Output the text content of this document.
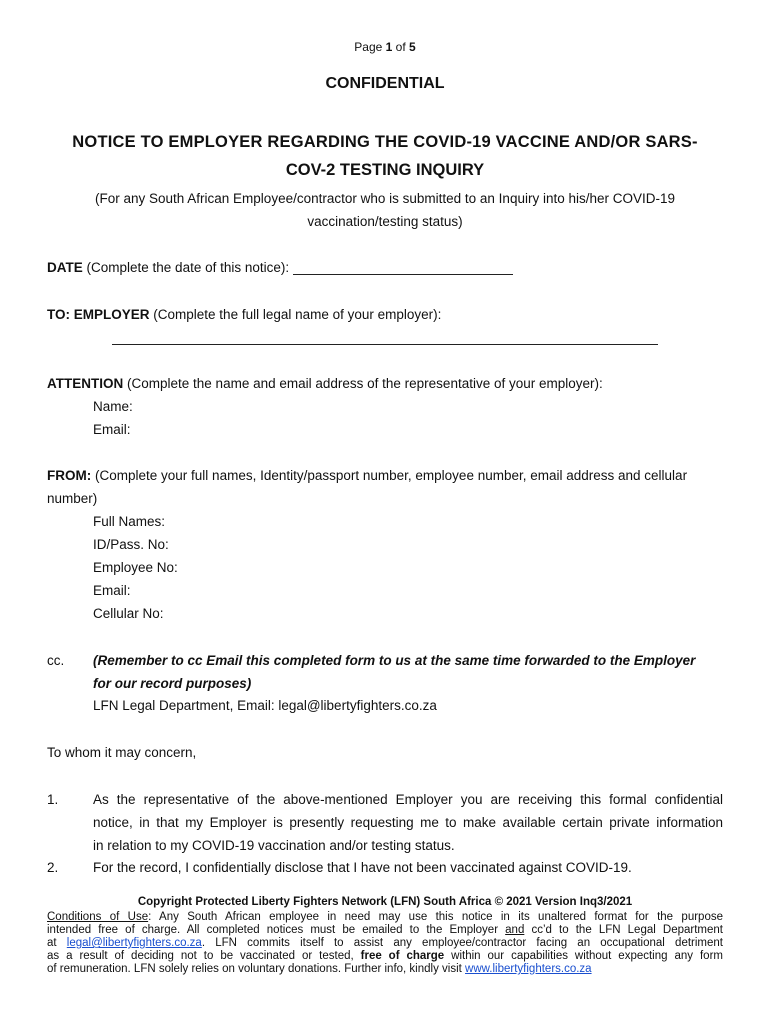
Page 1 of 5
CONFIDENTIAL
NOTICE TO EMPLOYER REGARDING THE COVID-19 VACCINE AND/OR SARS-
COV-2 TESTING INQUIRY
(For any South African Employee/contractor who is submitted to an Inquiry into his/her COVID-19
vaccination/testing status)
DATE (Complete the date of this notice):
TO: EMPLOYER (Complete the full legal name of your employer):
ATTENTION (Complete the name and email address of the representative of your employer):
Name:
Email:
FROM: (Complete your full names, Identity/passport number, employee number, email address and cellular
number)
Full Names:
ID/Pass. No:
Employee No:
Email:
Cellular No:
cc. (Remember to cc Email this completed form to us at the same time forwarded to the Employer
for our record purposes)
LFN Legal Department, Email: legal@libertyfighters.co.za
To whom it may concern,
1.	As the representative of the above-mentioned Employer you are receiving this formal confidential
notice, in that my Employer is presently requesting me to make available certain private information
in relation to my COVID-19 vaccination and/or testing status.
2.	For the record, I confidentially disclose that I have not been vaccinated against COVID-19.
Copyright Protected Liberty Fighters Network (LFN) South Africa © 2021 Version Inq3/2021
Conditions of Use: Any South African employee in need may use this notice in its unaltered format for the purpose
intended free of charge. All completed notices must be emailed to the Employer and cc’d to the LFN Legal Department
at legal@libertyfighters.co.za. LFN commits itself to assist any employee/contractor facing an occupational detriment
as a result of deciding not to be vaccinated or tested, free of charge within our capabilities without expecting any form
of remuneration. LFN solely relies on voluntary donations. Further info, kindly visit www.libertyfighters.co.za
